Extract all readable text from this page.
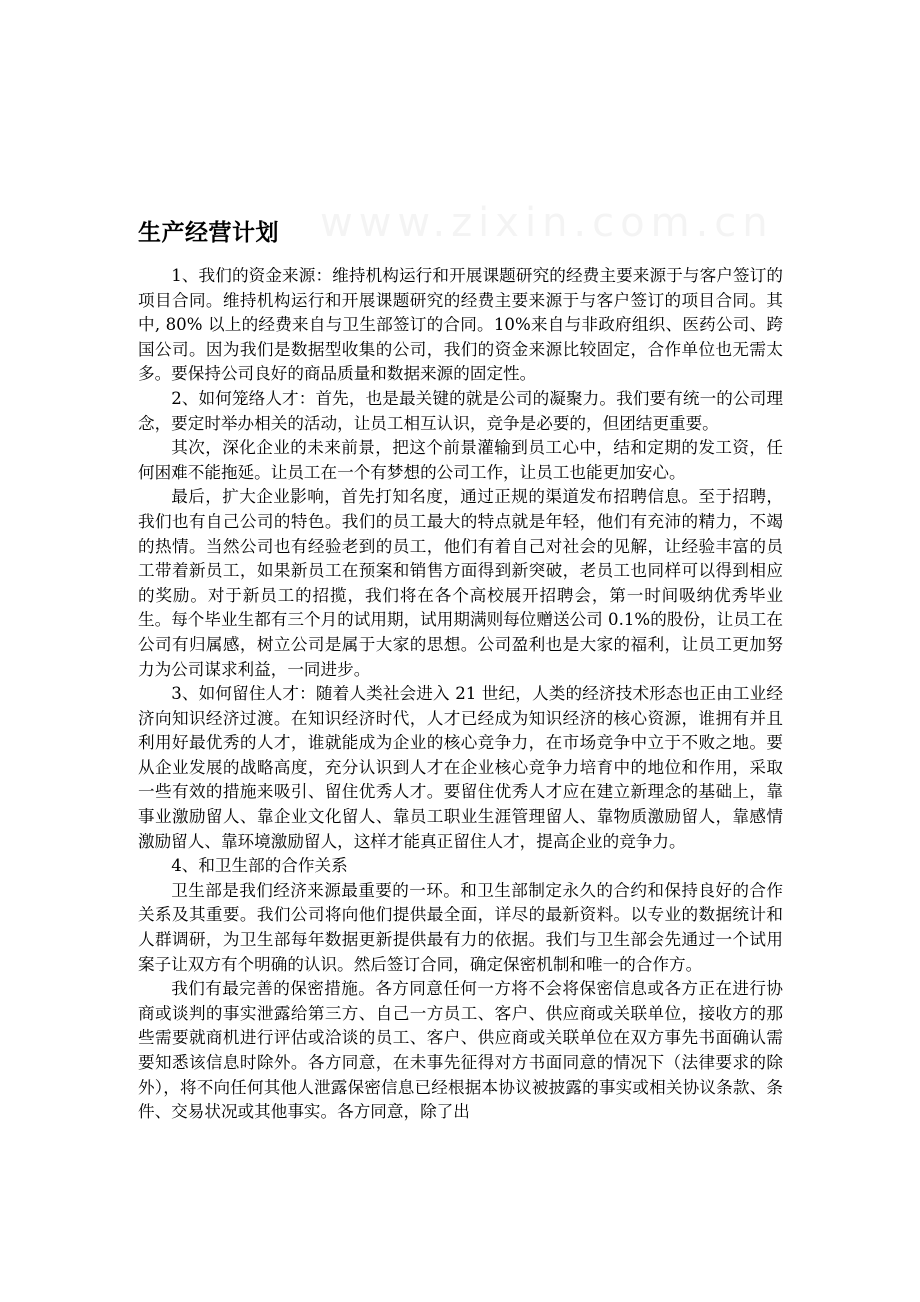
www.zixin.com.cn
生产经营计划

1、我们的资金来源：维持机构运行和开展课题研究的经费主要来源于与客户签订的项目合同。维持机构运行和开展课题研究的经费主要来源于与客户签订的项目合同。其中, 80% 以上的经费来自与卫生部签订的合同。10%来自与非政府组织、医药公司、跨国公司。因为我们是数据型收集的公司，我们的资金来源比较固定，合作单位也无需太多。要保持公司良好的商品质量和数据来源的固定性。

2、如何笼络人才：首先，也是最关键的就是公司的凝聚力。我们要有统一的公司理念，要定时举办相关的活动，让员工相互认识，竞争是必要的，但团结更重要。

其次，深化企业的未来前景，把这个前景灌输到员工心中，结和定期的发工资，任何困难不能拖延。让员工在一个有梦想的公司工作，让员工也能更加安心。

最后，扩大企业影响，首先打知名度，通过正规的渠道发布招聘信息。至于招聘，我们也有自己公司的特色。我们的员工最大的特点就是年轻，他们有充沛的精力，不竭的热情。当然公司也有经验老到的员工，他们有着自己对社会的见解，让经验丰富的员工带着新员工，如果新员工在预案和销售方面得到新突破，老员工也同样可以得到相应的奖励。对于新员工的招揽，我们将在各个高校展开招聘会，第一时间吸纳优秀毕业生。每个毕业生都有三个月的试用期，试用期满则每位赠送公司 0.1%的股份，让员工在公司有归属感，树立公司是属于大家的思想。公司盈利也是大家的福利，让员工更加努力为公司谋求利益，一同进步。

3、如何留住人才：随着人类社会进入 21 世纪，人类的经济技术形态也正由工业经济向知识经济过渡。在知识经济时代，人才已经成为知识经济的核心资源，谁拥有并且利用好最优秀的人才，谁就能成为企业的核心竞争力，在市场竞争中立于不败之地。要从企业发展的战略高度，充分认识到人才在企业核心竞争力培育中的地位和作用，采取一些有效的措施来吸引、留住优秀人才。要留住优秀人才应在建立新理念的基础上，靠事业激励留人、靠企业文化留人、靠员工职业生涯管理留人、靠物质激励留人，靠感情激励留人、靠环境激励留人，这样才能真正留住人才，提高企业的竞争力。

4、和卫生部的合作关系

卫生部是我们经济来源最重要的一环。和卫生部制定永久的合约和保持良好的合作关系及其重要。我们公司将向他们提供最全面，详尽的最新资料。以专业的数据统计和人群调研，为卫生部每年数据更新提供最有力的依据。我们与卫生部会先通过一个试用案子让双方有个明确的认识。然后签订合同，确定保密机制和唯一的合作方。

我们有最完善的保密措施。各方同意任何一方将不会将保密信息或各方正在进行协商或谈判的事实泄露给第三方、自己一方员工、客户、供应商或关联单位，接收方的那些需要就商机进行评估或洽谈的员工、客户、供应商或关联单位在双方事先书面确认需要知悉该信息时除外。各方同意，在未事先征得对方书面同意的情况下（法律要求的除外），将不向任何其他人泄露保密信息已经根据本协议被披露的事实或相关协议条款、条件、交易状况或其他事实。各方同意，除了出
